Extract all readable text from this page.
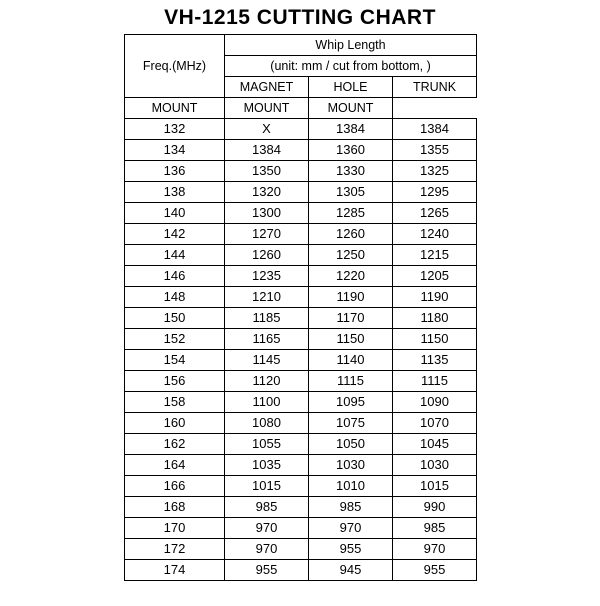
VH-1215 CUTTING CHART
Freq.(MHz)	Whip Length		
	(unit: mm / cut from bottom, )		
	MAGNET	HOLE	TRUNK
MOUNT	MOUNT	MOUNT	
132	X	1384	1384
134	1384	1360	1355
136	1350	1330	1325
138	1320	1305	1295
140	1300	1285	1265
142	1270	1260	1240
144	1260	1250	1215
146	1235	1220	1205
148	1210	1190	1190
150	1185	1170	1180
152	1165	1150	1150
154	1145	1140	1135
156	1120	1115	1115
158	1100	1095	1090
160	1080	1075	1070
162	1055	1050	1045
164	1035	1030	1030
166	1015	1010	1015
168	985	985	990
170	970	970	985
172	970	955	970
174	955	945	955
